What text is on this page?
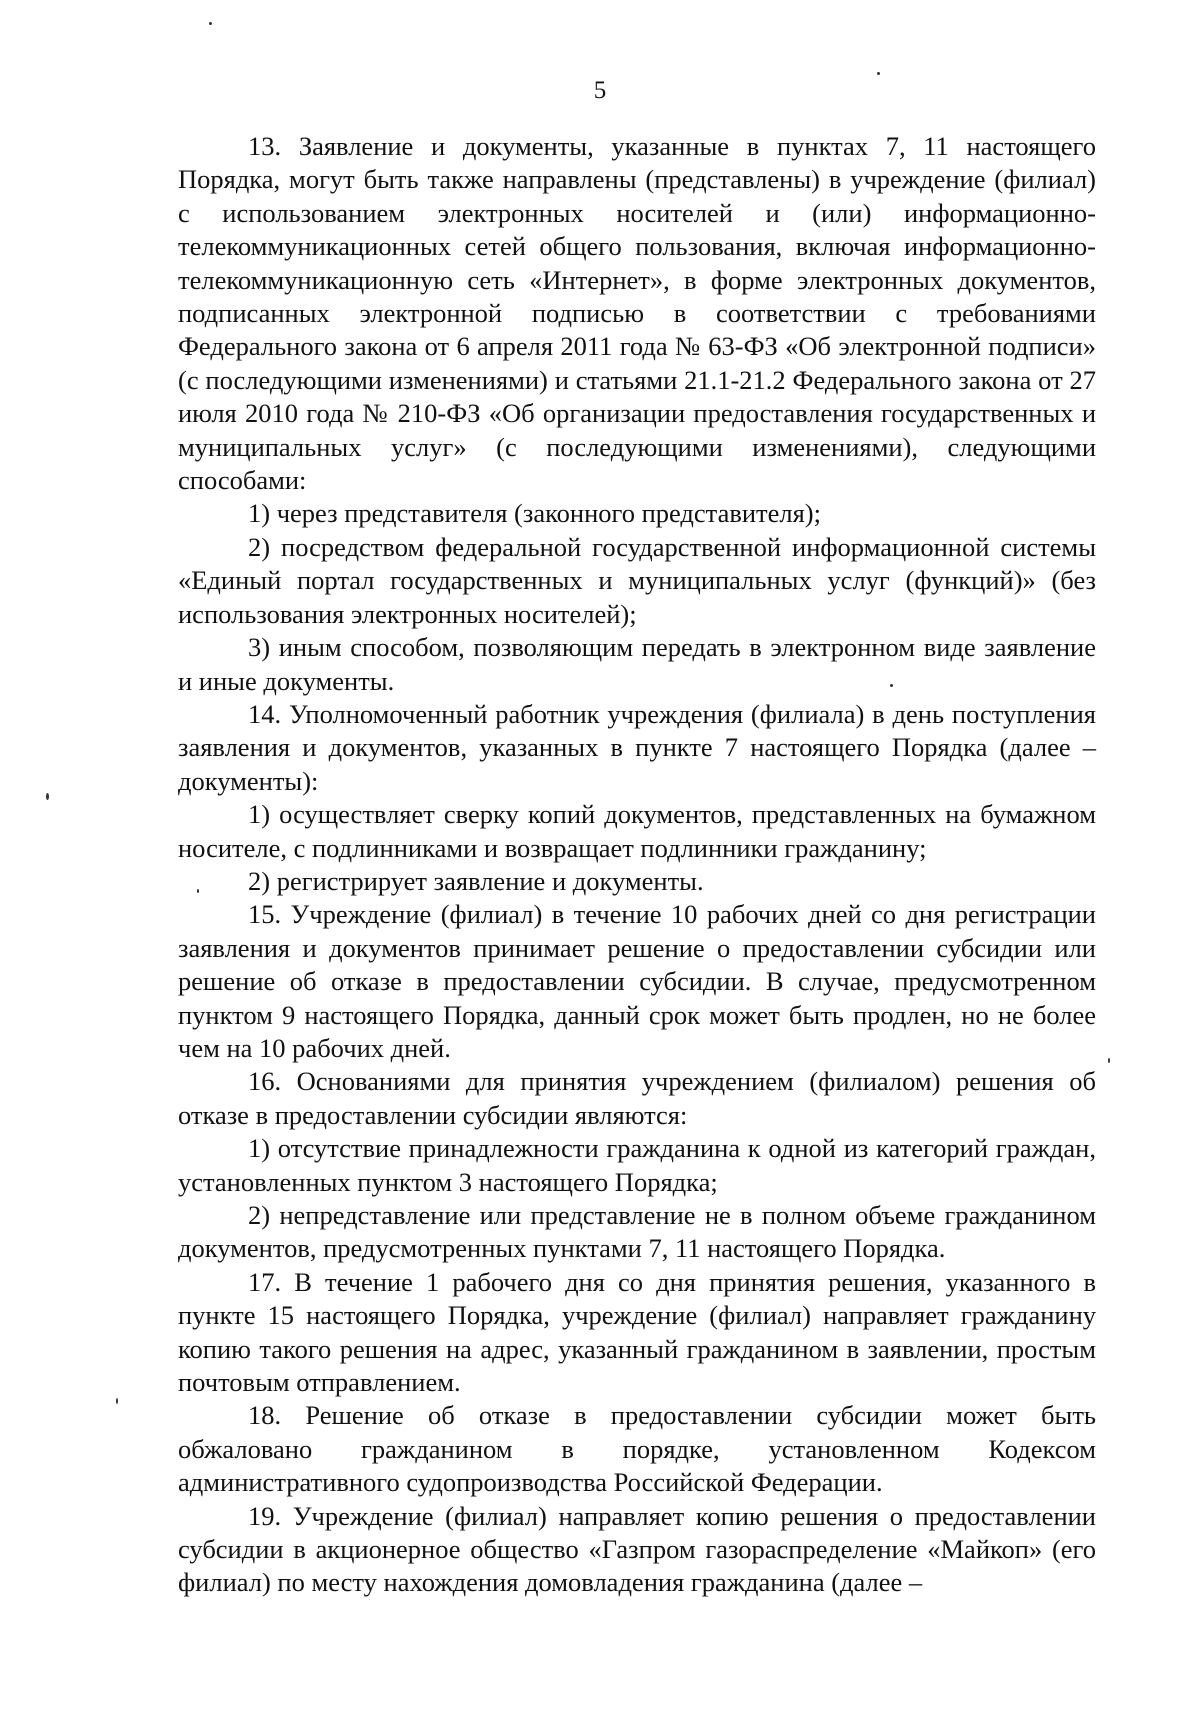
5

13. Заявление и документы, указанные в пунктах 7, 11 настоящего Порядка, могут быть также направлены (представлены) в учреждение (филиал) с использованием электронных носителей и (или) информационно-телекоммуникационных сетей общего пользования, включая информационно-телекоммуникационную сеть «Интернет», в форме электронных документов, подписанных электронной подписью в соответствии с требованиями Федерального закона от 6 апреля 2011 года № 63-ФЗ «Об электронной подписи» (с последующими изменениями) и статьями 21.1-21.2 Федерального закона от 27 июля 2010 года № 210-ФЗ «Об организации предоставления государственных и муниципальных услуг» (с последующими изменениями), следующими способами:

1) через представителя (законного представителя);

2) посредством федеральной государственной информационной системы «Единый портал государственных и муниципальных услуг (функций)» (без использования электронных носителей);

3) иным способом, позволяющим передать в электронном виде заявление и иные документы.

14. Уполномоченный работник учреждения (филиала) в день поступления заявления и документов, указанных в пункте 7 настоящего Порядка (далее – документы):

1) осуществляет сверку копий документов, представленных на бумажном носителе, с подлинниками и возвращает подлинники гражданину;

2) регистрирует заявление и документы.

15. Учреждение (филиал) в течение 10 рабочих дней со дня регистрации заявления и документов принимает решение о предоставлении субсидии или решение об отказе в предоставлении субсидии. В случае, предусмотренном пунктом 9 настоящего Порядка, данный срок может быть продлен, но не более чем на 10 рабочих дней.

16. Основаниями для принятия учреждением (филиалом) решения об отказе в предоставлении субсидии являются:

1) отсутствие принадлежности гражданина к одной из категорий граждан, установленных пунктом 3 настоящего Порядка;

2) непредставление или представление не в полном объеме гражданином документов, предусмотренных пунктами 7, 11 настоящего Порядка.

17. В течение 1 рабочего дня со дня принятия решения, указанного в пункте 15 настоящего Порядка, учреждение (филиал) направляет гражданину копию такого решения на адрес, указанный гражданином в заявлении, простым почтовым отправлением.

18. Решение об отказе в предоставлении субсидии может быть обжаловано гражданином в порядке, установленном Кодексом административного судопроизводства Российской Федерации.

19. Учреждение (филиал) направляет копию решения о предоставлении субсидии в акционерное общество «Газпром газораспределение «Майкоп» (его филиал) по месту нахождения домовладения гражданина (далее –
